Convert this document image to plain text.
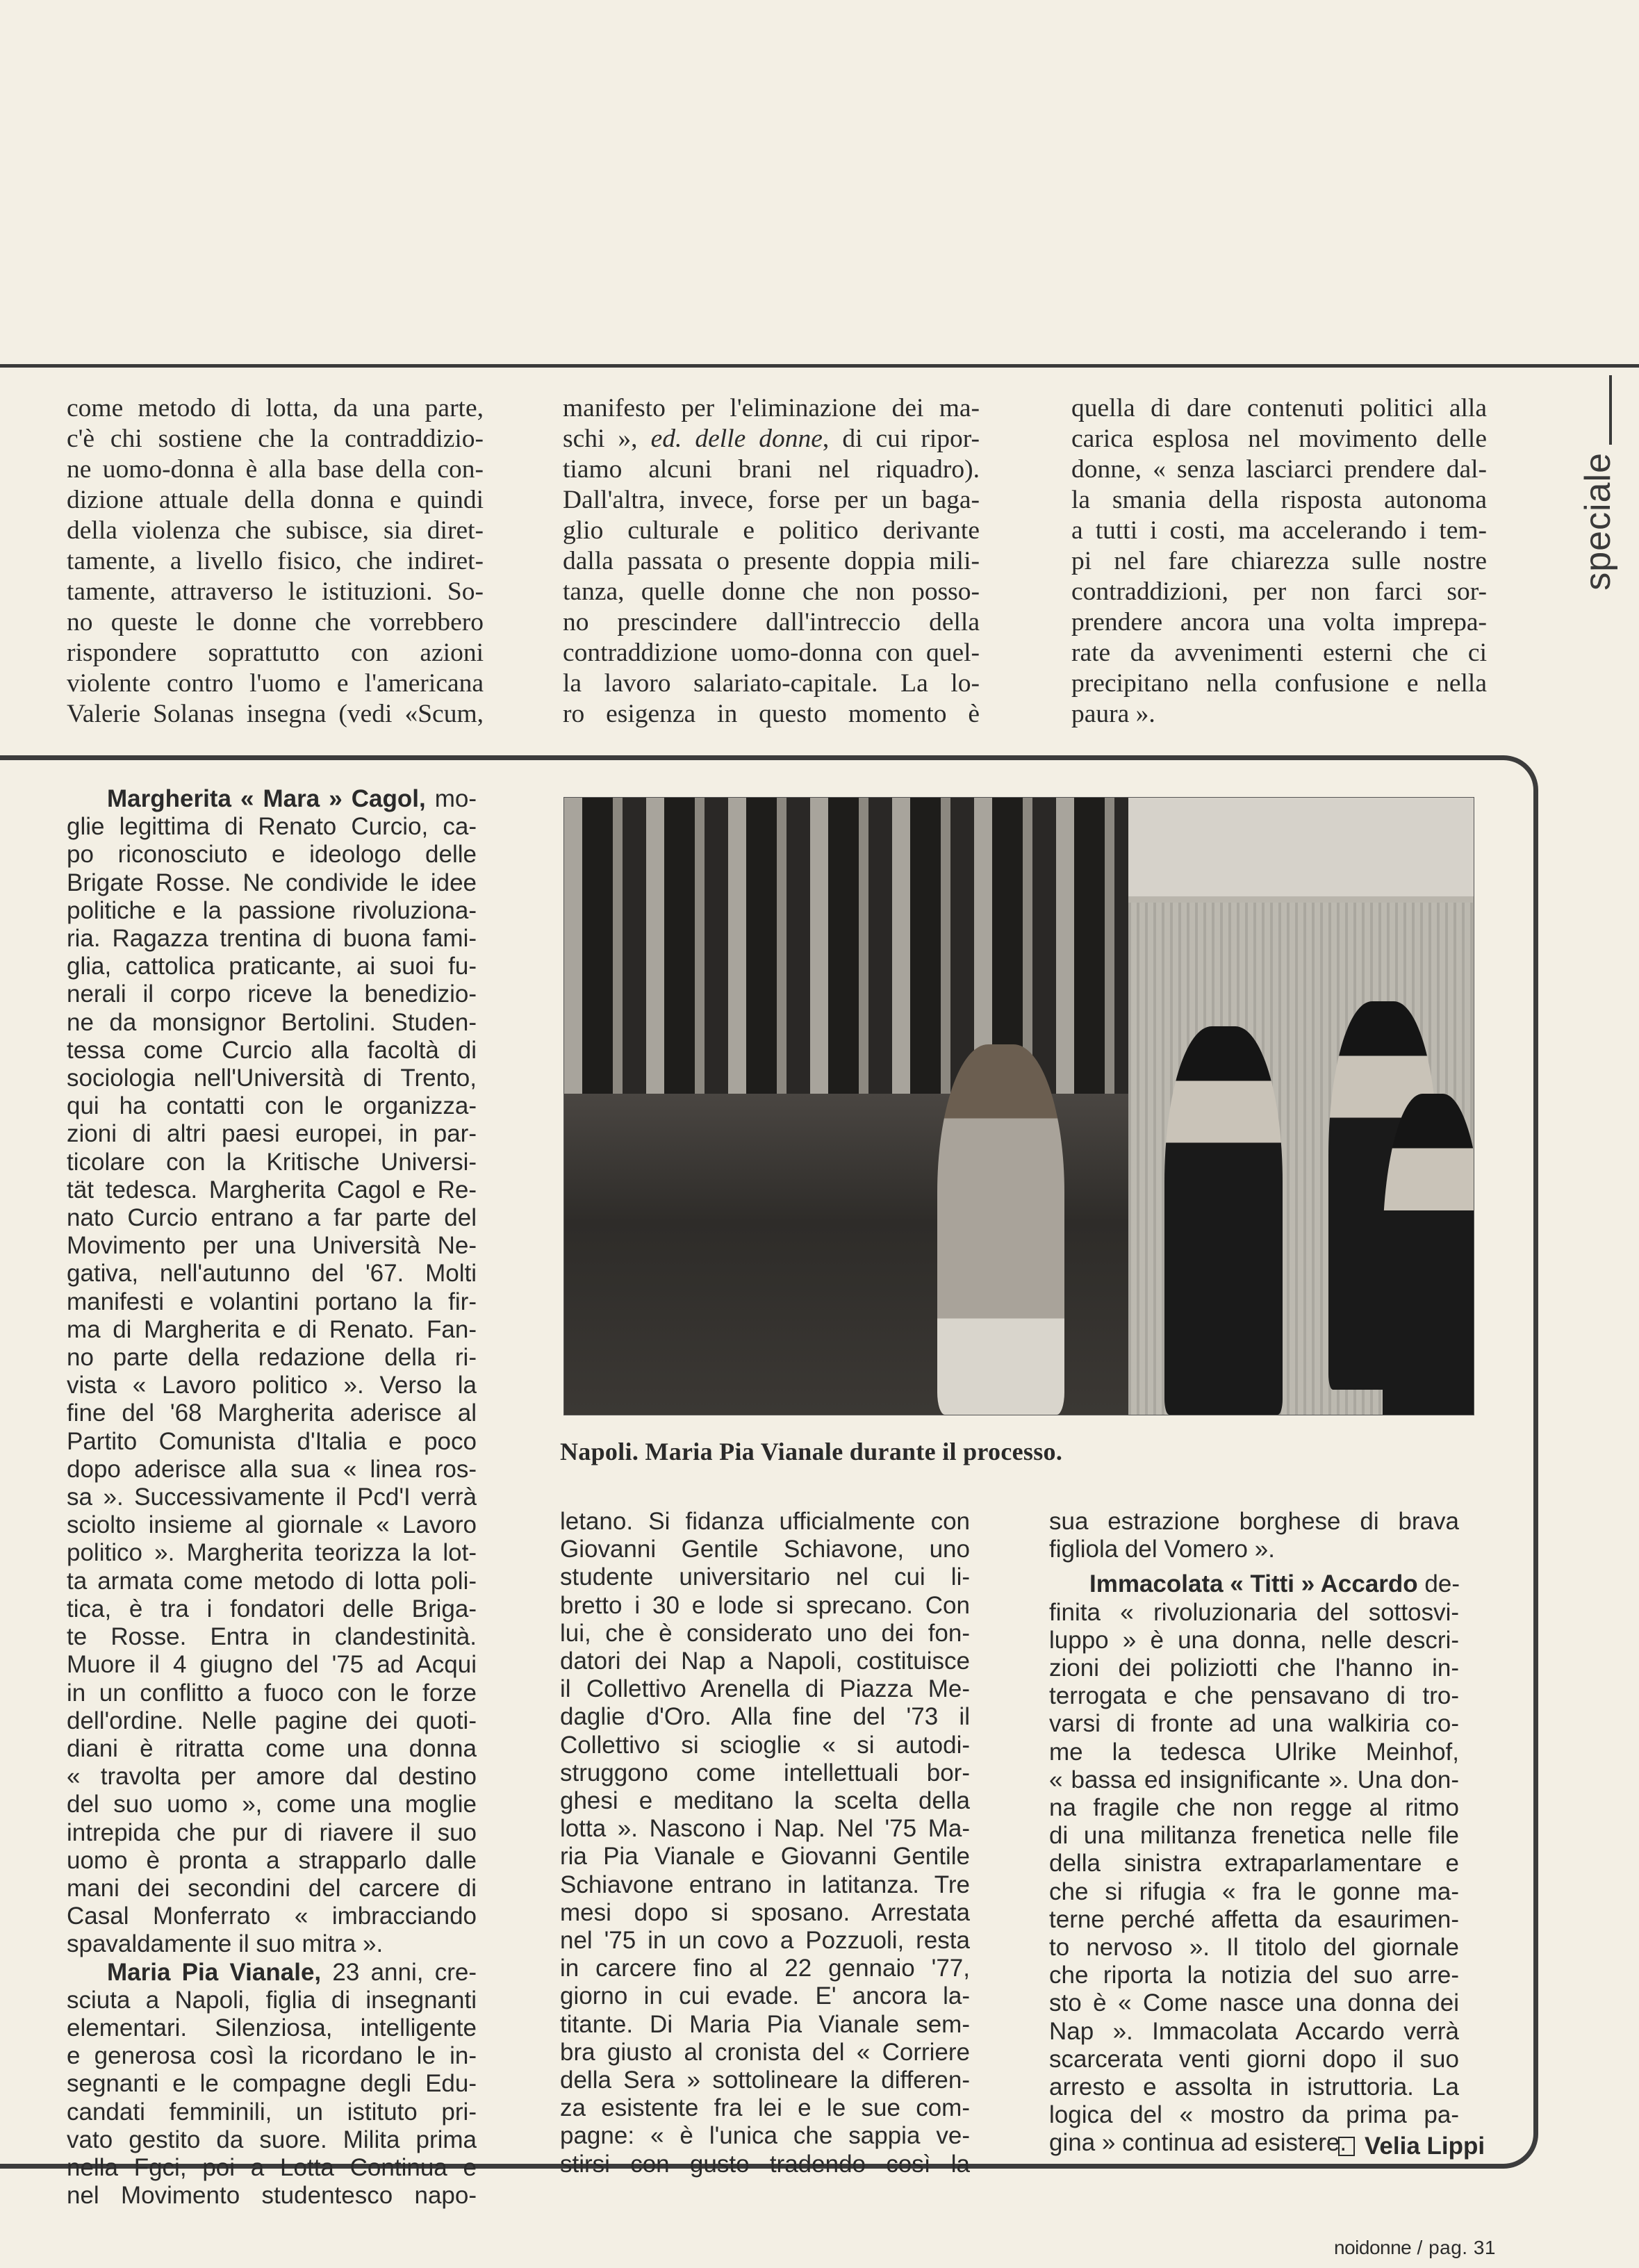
come metodo di lotta, da una parte,
c'è chi sostiene che la contraddizio-
ne uomo-donna è alla base della con-
dizione attuale della donna e quindi
della violenza che subisce, sia diret-
tamente, a livello fisico, che indiret-
tamente, attraverso le istituzioni. So-
no queste le donne che vorrebbero
rispondere soprattutto con azioni
violente contro l'uomo e l'americana
Valerie Solanas insegna (vedi «Scum,
manifesto per l'eliminazione dei ma-
schi », ed. delle donne, di cui ripor-
tiamo alcuni brani nel riquadro).
Dall'altra, invece, forse per un baga-
glio culturale e politico derivante
dalla passata o presente doppia mili-
tanza, quelle donne che non posso-
no prescindere dall'intreccio della
contraddizione uomo-donna con quel-
la lavoro salariato-capitale. La lo-
ro esigenza in questo momento è
quella di dare contenuti politici alla
carica esplosa nel movimento delle
donne, « senza lasciarci prendere dal-
la smania della risposta autonoma
a tutti i costi, ma accelerando i tem-
pi nel fare chiarezza sulle nostre
contraddizioni, per non farci sor-
prendere ancora una volta imprepa-
rate da avvenimenti esterni che ci
precipitano nella confusione e nella
paura ».
speciale
Margherita « Mara » Cagol, mo-
glie legittima di Renato Curcio, ca-
po riconosciuto e ideologo delle
Brigate Rosse. Ne condivide le idee
politiche e la passione rivoluziona-
ria. Ragazza trentina di buona fami-
glia, cattolica praticante, ai suoi fu-
nerali il corpo riceve la benedizio-
ne da monsignor Bertolini. Studen-
tessa come Curcio alla facoltà di
sociologia nell'Università di Trento,
qui ha contatti con le organizza-
zioni di altri paesi europei, in par-
ticolare con la Kritische Universi-
tät tedesca. Margherita Cagol e Re-
nato Curcio entrano a far parte del
Movimento per una Università Ne-
gativa, nell'autunno del '67. Molti
manifesti e volantini portano la fir-
ma di Margherita e di Renato. Fan-
no parte della redazione della ri-
vista « Lavoro politico ». Verso la
fine del '68 Margherita aderisce al
Partito Comunista d'Italia e poco
dopo aderisce alla sua « linea ros-
sa ». Successivamente il Pcd'I verrà
sciolto insieme al giornale « Lavoro
politico ». Margherita teorizza la lot-
ta armata come metodo di lotta poli-
tica, è tra i fondatori delle Briga-
te Rosse. Entra in clandestinità.
Muore il 4 giugno del '75 ad Acqui
in un conflitto a fuoco con le forze
dell'ordine. Nelle pagine dei quoti-
diani è ritratta come una donna
« travolta per amore dal destino
del suo uomo », come una moglie
intrepida che pur di riavere il suo
uomo è pronta a strapparlo dalle
mani dei secondini del carcere di
Casal Monferrato « imbracciando
spavaldamente il suo mitra ».
Maria Pia Vianale, 23 anni, cre-
sciuta a Napoli, figlia di insegnanti
elementari. Silenziosa, intelligente
e generosa così la ricordano le in-
segnanti e le compagne degli Edu-
candati femminili, un istituto pri-
vato gestito da suore. Milita prima
nella Fgci, poi a Lotta Continua e
nel Movimento studentesco napo-
Napoli. Maria Pia Vianale durante il processo.
letano. Si fidanza ufficialmente con
Giovanni Gentile Schiavone, uno
studente universitario nel cui li-
bretto i 30 e lode si sprecano. Con
lui, che è considerato uno dei fon-
datori dei Nap a Napoli, costituisce
il Collettivo Arenella di Piazza Me-
daglie d'Oro. Alla fine del '73 il
Collettivo si scioglie « si autodi-
struggono come intellettuali bor-
ghesi e meditano la scelta della
lotta ». Nascono i Nap. Nel '75 Ma-
ria Pia Vianale e Giovanni Gentile
Schiavone entrano in latitanza. Tre
mesi dopo si sposano. Arrestata
nel '75 in un covo a Pozzuoli, resta
in carcere fino al 22 gennaio '77,
giorno in cui evade. E' ancora la-
titante. Di Maria Pia Vianale sem-
bra giusto al cronista del « Corriere
della Sera » sottolineare la differen-
za esistente fra lei e le sue com-
pagne: « è l'unica che sappia ve-
stirsi con gusto tradendo così la
sua estrazione borghese di brava
figliola del Vomero ».
Immacolata « Titti » Accardo de-
finita « rivoluzionaria del sottosvi-
luppo » è una donna, nelle descri-
zioni dei poliziotti che l'hanno in-
terrogata e che pensavano di tro-
varsi di fronte ad una walkiria co-
me la tedesca Ulrike Meinhof,
« bassa ed insignificante ». Una don-
na fragile che non regge al ritmo
di una militanza frenetica nelle file
della sinistra extraparlamentare e
che si rifugia « fra le gonne ma-
terne perché affetta da esaurimen-
to nervoso ». Il titolo del giornale
che riporta la notizia del suo arre-
sto è « Come nasce una donna dei
Nap ». Immacolata Accardo verrà
scarcerata venti giorni dopo il suo
arresto e assolta in istruttoria. La
logica del « mostro da prima pa-
gina » continua ad esistere. Velia Lippi
noidonne / pag. 31
